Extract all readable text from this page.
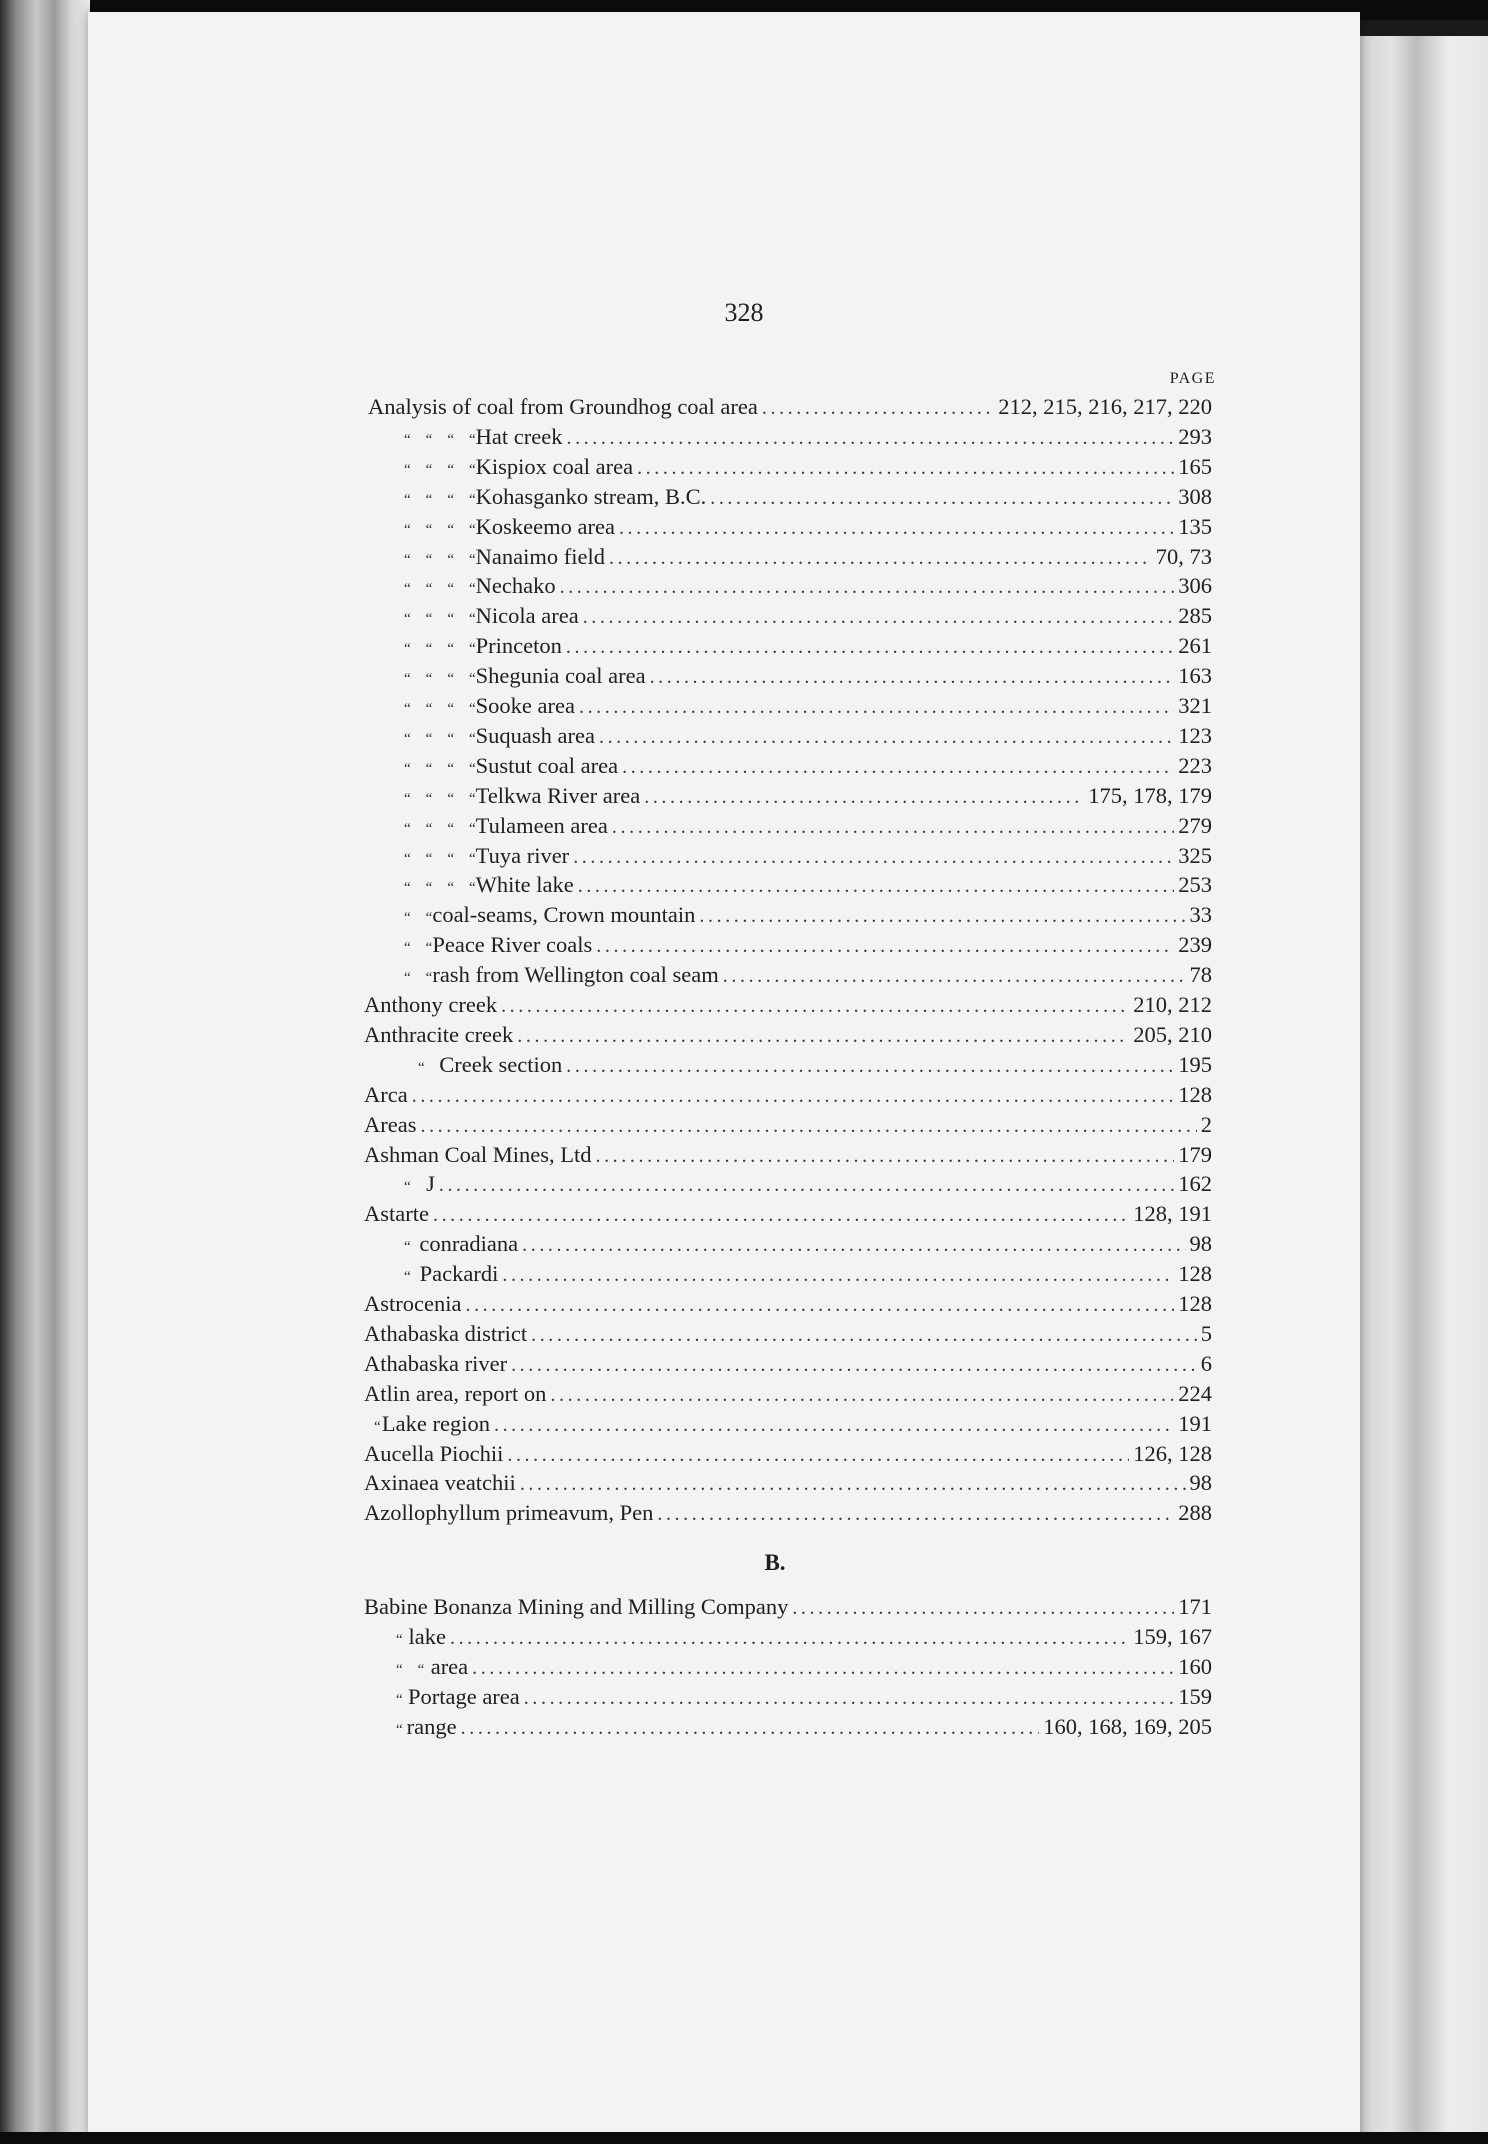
328
PAGE
B.
Analysis of coal from Groundhog coal area .....	212, 215, 216, 217, 220
“    “    “    “ Hat creek .....	293
“    “    “    “ Kispiox coal area .....	165
“    “    “    “ Kohasganko stream, B.C. .....	308
“    “    “    “ Koskeemo area .....	135
“    “    “    “ Nanaimo field .....	70, 73
“    “    “    “ Nechako .....	306
“    “    “    “ Nicola area .....	285
“    “    “    “ Princeton .....	261
“    “    “    “ Shegunia coal area .....	163
“    “    “    “ Sooke area .....	321
“    “    “    “ Suquash area .....	123
“    “    “    “ Sustut coal area .....	223
“    “    “    “ Telkwa River area .....	175, 178, 179
“    “    “    “ Tulameen area .....	279
“    “    “    “ Tuya river .....	325
“    “    “    “ White lake .....	253
“    “ coal-seams, Crown mountain .....	33
“    “ Peace River coals .....	239
“    “ rash from Wellington coal seam .....	78
Anthony creek .....	210, 212
Anthracite creek .....	205, 210
“ Creek section .....	195
Arca .....	128
Areas .....	2
Ashman Coal Mines, Ltd .....	179
“ J .....	162
Astarte .....	128, 191
“ conradiana .....	98
“ Packardi .....	128
Astrocenia .....	128
Athabaska district .....	5
Athabaska river .....	6
Atlin area, report on .....	224
“ Lake region .....	191
Aucella Piochii .....	126, 128
Axinaea veatchii .....	98
Azollophyllum primeavum, Pen .....	288
Babine Bonanza Mining and Milling Company .....	171
“ lake .....	159, 167
“    “ area .....	160
“ Portage area .....	159
“ range .....	160, 168, 169, 205
